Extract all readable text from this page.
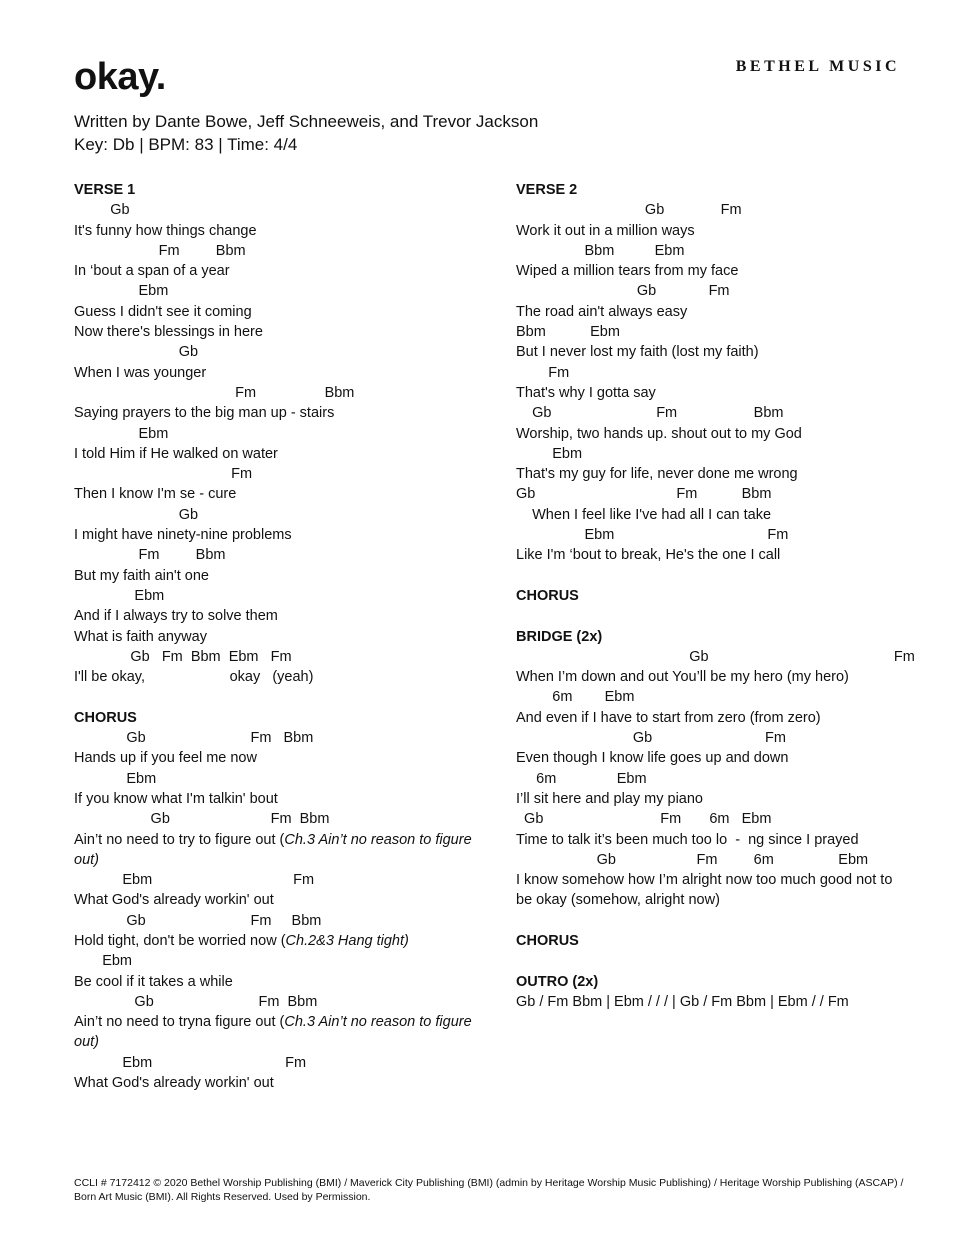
BETHEL MUSIC
okay.
Written by Dante Bowe, Jeff Schneeweis, and Trevor Jackson
Key: Db | BPM: 83 | Time: 4/4
VERSE 1
Gb
It's funny how things change
Fm         Bbm
In ‘bout a span of a year
Ebm
Guess I didn't see it coming
Now there's blessings in here
Gb
When I was younger
Fm                 Bbm
Saying prayers to the big man up - stairs
Ebm
I told Him if He walked on water
Fm
Then I know I'm se - cure
Gb
I might have ninety-nine problems
Fm         Bbm
But my faith ain't one
Ebm
And if I always try to solve them
What is faith anyway
Gb   Fm  Bbm  Ebm   Fm
I'll be okay,                     okay   (yeah)
CHORUS
Gb                          Fm   Bbm
Hands up if you feel me now
Ebm
If you know what I'm talkin' bout
Gb                         Fm  Bbm
Ain’t no need to try to figure out (Ch.3 Ain’t no reason to figure out)
Ebm                                   Fm
What God's already workin' out
Gb                          Fm     Bbm
Hold tight, don't be worried now (Ch.2&3 Hang tight)
Ebm
Be cool if it takes a while
Gb                          Fm  Bbm
Ain’t no need to tryna figure out (Ch.3 Ain’t no reason to figure out)
Ebm                                 Fm
What God's already workin' out
VERSE 2
Gb              Fm
Work it out in a million ways
Bbm          Ebm
Wiped a million tears from my face
Gb             Fm
The road ain't always easy
Bbm           Ebm
But I never lost my faith (lost my faith)
Fm
That's why I gotta say
Gb                          Fm                   Bbm
Worship, two hands up. shout out to my God
Ebm
That's my guy for life, never done me wrong
Gb                                   Fm           Bbm
When I feel like I've had all I can take
Ebm                                      Fm
Like I'm ‘bout to break, He's the one I call
CHORUS
BRIDGE (2x)
Gb                                              Fm
When I’m down and out You’ll be my hero (my hero)
6m        Ebm
And even if I have to start from zero (from zero)
Gb                            Fm
Even though I know life goes up and down
6m               Ebm
I’ll sit here and play my piano
Gb                             Fm       6m   Ebm
Time to talk it’s been much too lo  -  ng since I prayed
Gb                    Fm         6m                Ebm
I know somehow how I’m alright now too much good not to be okay (somehow, alright now)
CHORUS
OUTRO (2x)
Gb / Fm Bbm | Ebm / / / | Gb / Fm Bbm | Ebm / / Fm
CCLI # 7172412 © 2020 Bethel Worship Publishing (BMI) / Maverick City Publishing (BMI) (admin by Heritage Worship Music Publishing) / Heritage Worship Publishing (ASCAP) / Born Art Music (BMI). All Rights Reserved. Used by Permission.
